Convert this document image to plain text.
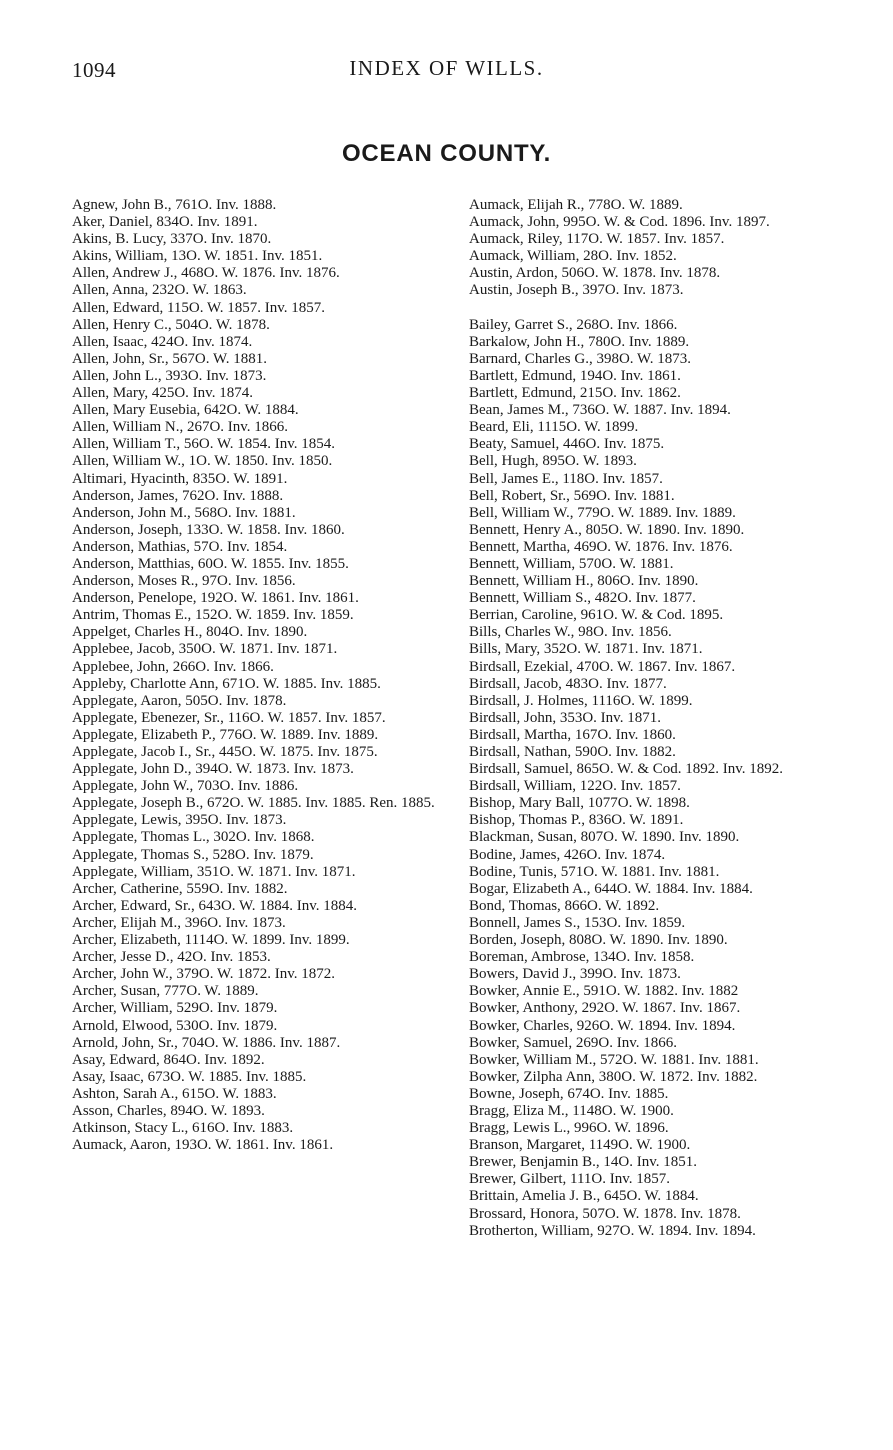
1094	INDEX OF WILLS.
OCEAN COUNTY.
Agnew, John B., 761O. Inv. 1888.
Aker, Daniel, 834O. Inv. 1891.
Akins, B. Lucy, 337O. Inv. 1870.
Akins, William, 13O. W. 1851. Inv. 1851.
Allen, Andrew J., 468O. W. 1876. Inv. 1876.
Allen, Anna, 232O. W. 1863.
Allen, Edward, 115O. W. 1857. Inv. 1857.
Allen, Henry C., 504O. W. 1878.
Allen, Isaac, 424O. Inv. 1874.
Allen, John, Sr., 567O. W. 1881.
Allen, John L., 393O. Inv. 1873.
Allen, Mary, 425O. Inv. 1874.
Allen, Mary Eusebia, 642O. W. 1884.
Allen, William N., 267O. Inv. 1866.
Allen, William T., 56O. W. 1854. Inv. 1854.
Allen, William W., 1O. W. 1850. Inv. 1850.
Altimari, Hyacinth, 835O. W. 1891.
Anderson, James, 762O. Inv. 1888.
Anderson, John M., 568O. Inv. 1881.
Anderson, Joseph, 133O. W. 1858. Inv. 1860.
Anderson, Mathias, 57O. Inv. 1854.
Anderson, Matthias, 60O. W. 1855. Inv. 1855.
Anderson, Moses R., 97O. Inv. 1856.
Anderson, Penelope, 192O. W. 1861. Inv. 1861.
Antrim, Thomas E., 152O. W. 1859. Inv. 1859.
Appelget, Charles H., 804O. Inv. 1890.
Applebee, Jacob, 350O. W. 1871. Inv. 1871.
Applebee, John, 266O. Inv. 1866.
Appleby, Charlotte Ann, 671O. W. 1885. Inv. 1885.
Applegate, Aaron, 505O. Inv. 1878.
Applegate, Ebenezer, Sr., 116O. W. 1857. Inv. 1857.
Applegate, Elizabeth P., 776O. W. 1889. Inv. 1889.
Applegate, Jacob I., Sr., 445O. W. 1875. Inv. 1875.
Applegate, John D., 394O. W. 1873. Inv. 1873.
Applegate, John W., 703O. Inv. 1886.
Applegate, Joseph B., 672O. W. 1885. Inv. 1885. Ren. 1885.
Applegate, Lewis, 395O. Inv. 1873.
Applegate, Thomas L., 302O. Inv. 1868.
Applegate, Thomas S., 528O. Inv. 1879.
Applegate, William, 351O. W. 1871. Inv. 1871.
Archer, Catherine, 559O. Inv. 1882.
Archer, Edward, Sr., 643O. W. 1884. Inv. 1884.
Archer, Elijah M., 396O. Inv. 1873.
Archer, Elizabeth, 1114O. W. 1899. Inv. 1899.
Archer, Jesse D., 42O. Inv. 1853.
Archer, John W., 379O. W. 1872. Inv. 1872.
Archer, Susan, 777O. W. 1889.
Archer, William, 529O. Inv. 1879.
Arnold, Elwood, 530O. Inv. 1879.
Arnold, John, Sr., 704O. W. 1886. Inv. 1887.
Asay, Edward, 864O. Inv. 1892.
Asay, Isaac, 673O. W. 1885. Inv. 1885.
Ashton, Sarah A., 615O. W. 1883.
Asson, Charles, 894O. W. 1893.
Atkinson, Stacy L., 616O. Inv. 1883.
Aumack, Aaron, 193O. W. 1861. Inv. 1861.
Aumack, Elijah R., 778O. W. 1889.
Aumack, John, 995O. W. & Cod. 1896. Inv. 1897.
Aumack, Riley, 117O. W. 1857. Inv. 1857.
Aumack, William, 28O. Inv. 1852.
Austin, Ardon, 506O. W. 1878. Inv. 1878.
Austin, Joseph B., 397O. Inv. 1873.
Bailey, Garret S., 268O. Inv. 1866.
Barkalow, John H., 780O. Inv. 1889.
Barnard, Charles G., 398O. W. 1873.
Bartlett, Edmund, 194O. Inv. 1861.
Bartlett, Edmund, 215O. Inv. 1862.
Bean, James M., 736O. W. 1887. Inv. 1894.
Beard, Eli, 1115O. W. 1899.
Beaty, Samuel, 446O. Inv. 1875.
Bell, Hugh, 895O. W. 1893.
Bell, James E., 118O. Inv. 1857.
Bell, Robert, Sr., 569O. Inv. 1881.
Bell, William W., 779O. W. 1889. Inv. 1889.
Bennett, Henry A., 805O. W. 1890. Inv. 1890.
Bennett, Martha, 469O. W. 1876. Inv. 1876.
Bennett, William, 570O. W. 1881.
Bennett, William H., 806O. Inv. 1890.
Bennett, William S., 482O. Inv. 1877.
Berrian, Caroline, 961O. W. & Cod. 1895.
Bills, Charles W., 98O. Inv. 1856.
Bills, Mary, 352O. W. 1871. Inv. 1871.
Birdsall, Ezekial, 470O. W. 1867. Inv. 1867.
Birdsall, Jacob, 483O. Inv. 1877.
Birdsall, J. Holmes, 1116O. W. 1899.
Birdsall, John, 353O. Inv. 1871.
Birdsall, Martha, 167O. Inv. 1860.
Birdsall, Nathan, 590O. Inv. 1882.
Birdsall, Samuel, 865O. W. & Cod. 1892. Inv. 1892.
Birdsall, William, 122O. Inv. 1857.
Bishop, Mary Ball, 1077O. W. 1898.
Bishop, Thomas P., 836O. W. 1891.
Blackman, Susan, 807O. W. 1890. Inv. 1890.
Bodine, James, 426O. Inv. 1874.
Bodine, Tunis, 571O. W. 1881. Inv. 1881.
Bogar, Elizabeth A., 644O. W. 1884. Inv. 1884.
Bond, Thomas, 866O. W. 1892.
Bonnell, James S., 153O. Inv. 1859.
Borden, Joseph, 808O. W. 1890. Inv. 1890.
Boreman, Ambrose, 134O. Inv. 1858.
Bowers, David J., 399O. Inv. 1873.
Bowker, Annie E., 591O. W. 1882. Inv. 1882
Bowker, Anthony, 292O. W. 1867. Inv. 1867.
Bowker, Charles, 926O. W. 1894. Inv. 1894.
Bowker, Samuel, 269O. Inv. 1866.
Bowker, William M., 572O. W. 1881. Inv. 1881.
Bowker, Zilpha Ann, 380O. W. 1872. Inv. 1882.
Bowne, Joseph, 674O. Inv. 1885.
Bragg, Eliza M., 1148O. W. 1900.
Bragg, Lewis L., 996O. W. 1896.
Branson, Margaret, 1149O. W. 1900.
Brewer, Benjamin B., 14O. Inv. 1851.
Brewer, Gilbert, 111O. Inv. 1857.
Brittain, Amelia J. B., 645O. W. 1884.
Brossard, Honora, 507O. W. 1878. Inv. 1878.
Brotherton, William, 927O. W. 1894. Inv. 1894.
